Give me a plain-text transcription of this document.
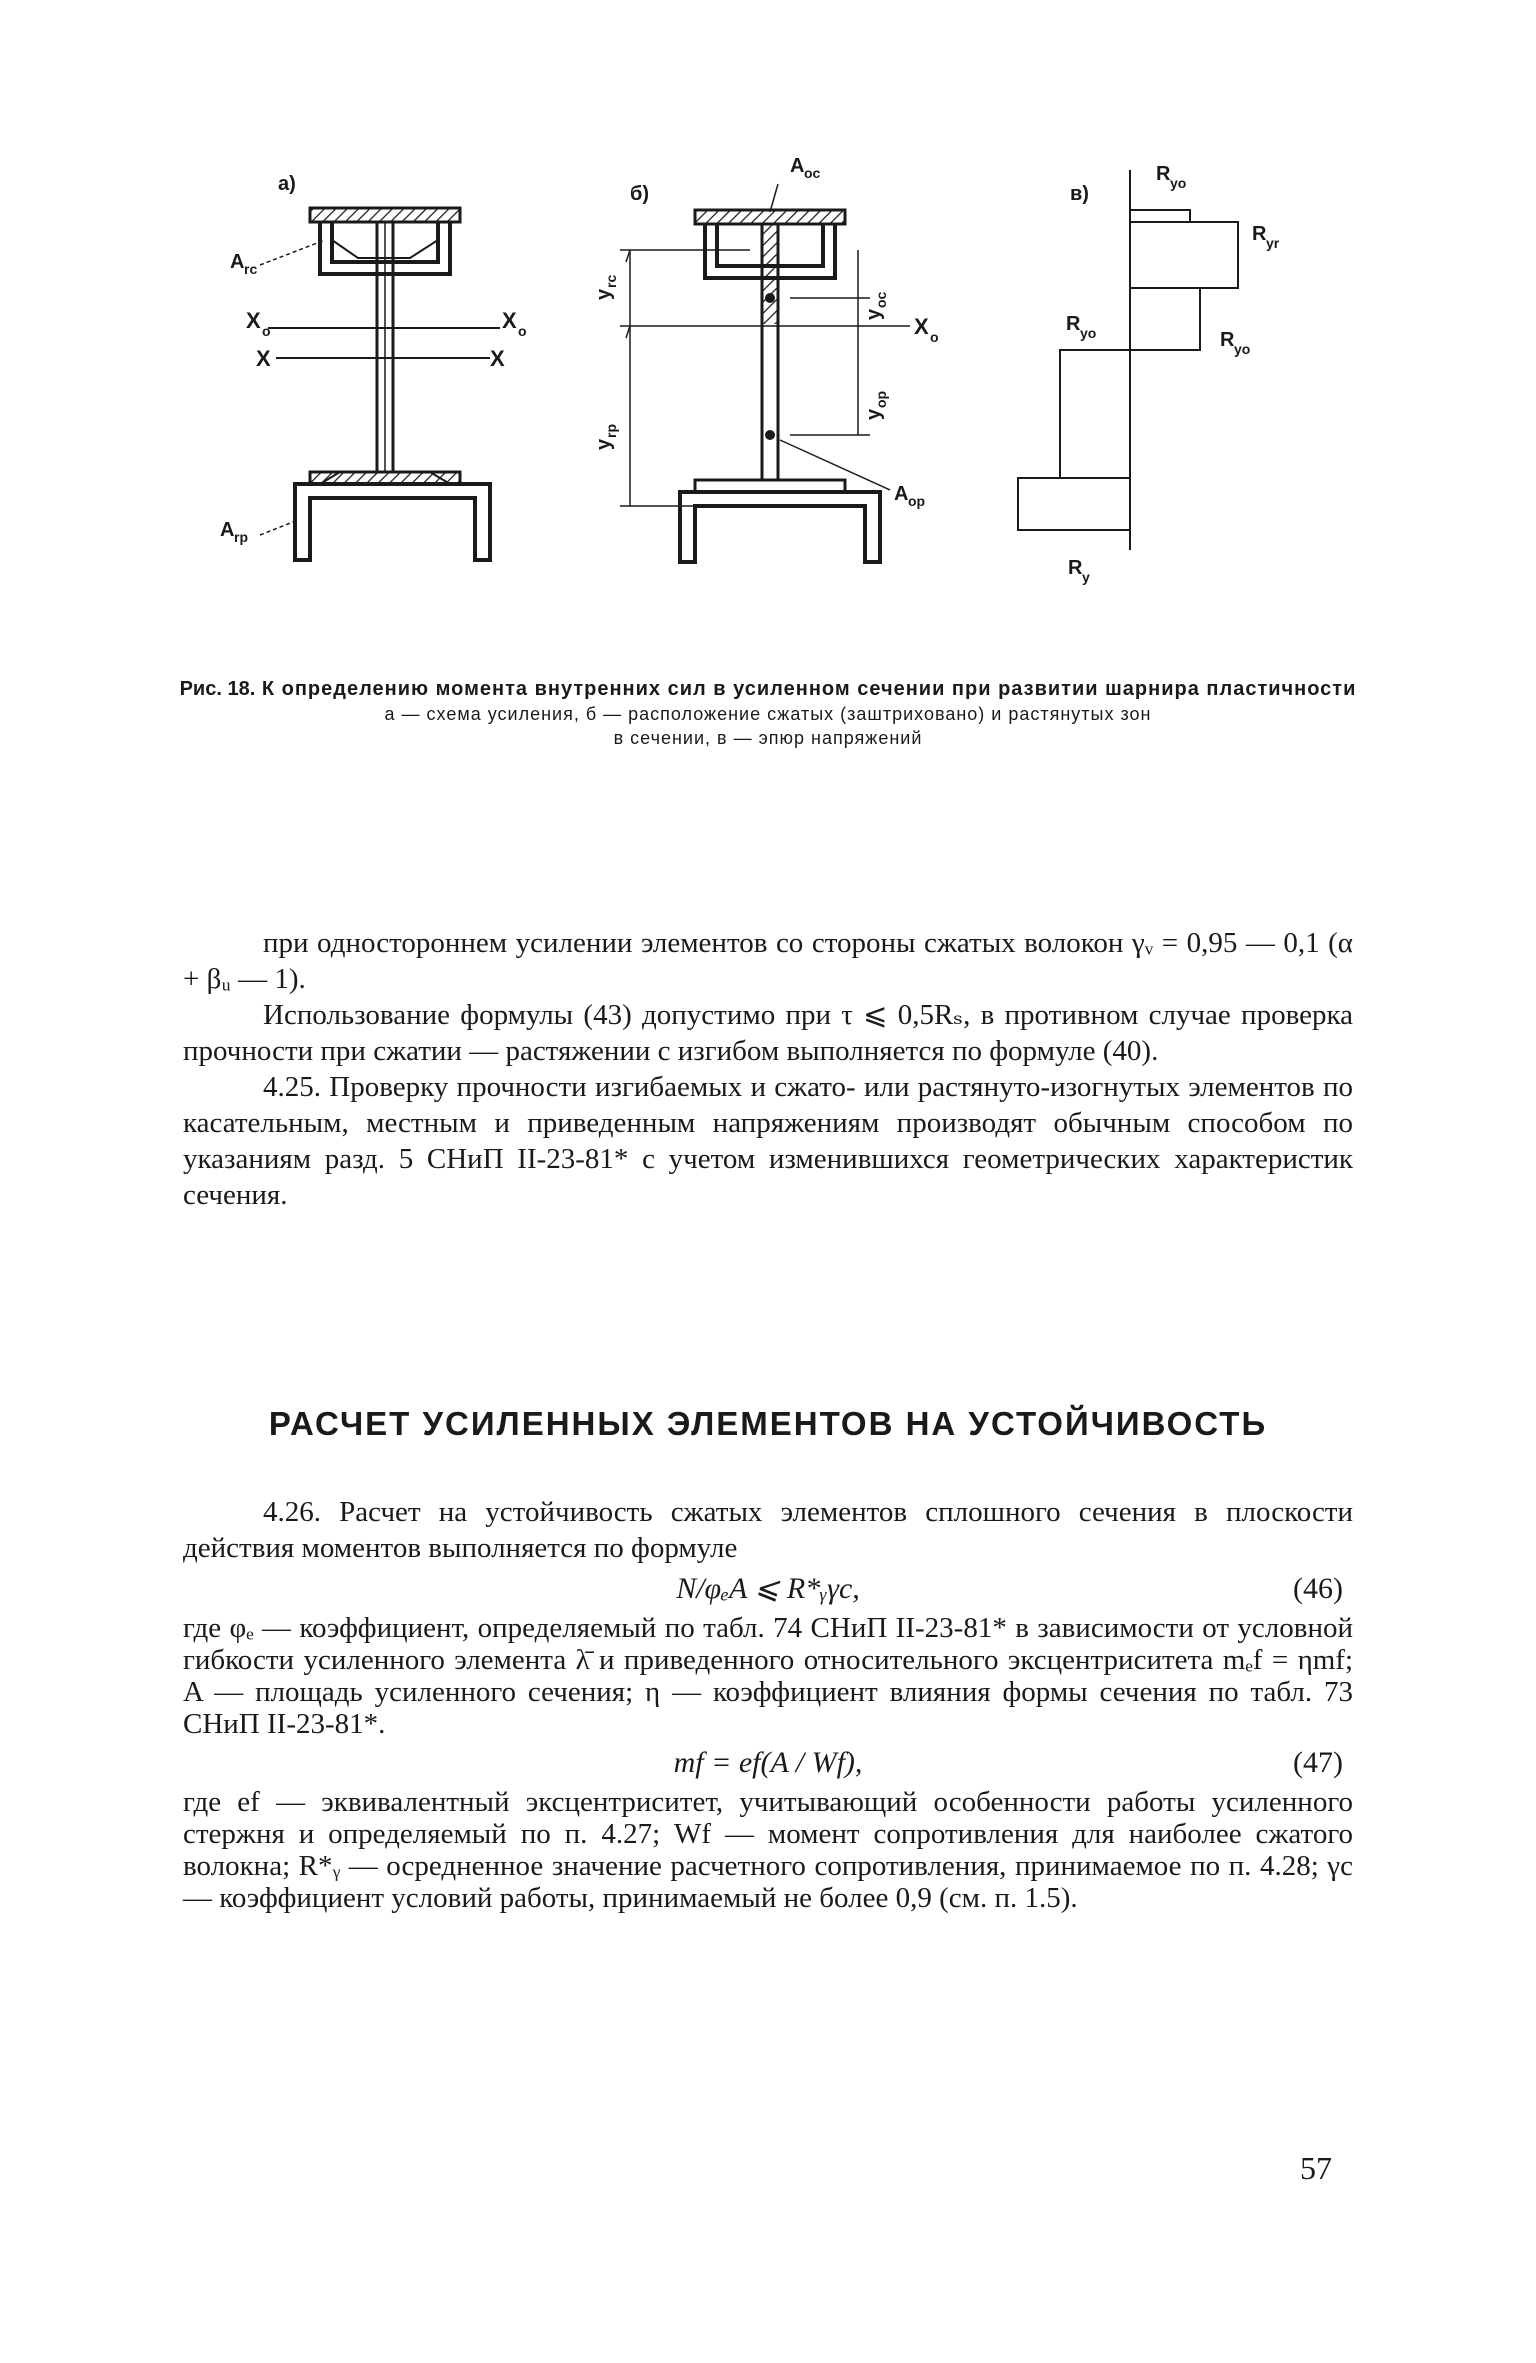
а)
A rc
A rp
X o	X o
X	X
б)
A oc
X o
A op
y
rc
y
rp
y
oc
y
op
в)
R yo
R yr
R yo	R yo
R y
Рис. 18. К определению момента внутренних сил в усиленном сечении при развитии шарнира пластичности
а — схема усиления, б — расположение сжатых (заштриховано) и растянутых зон
в сечении, в — эпюр напряжений

при одностороннем усилении элементов со стороны сжатых волокон γᵥ = 0,95 — 0,1 (α + βᵤ — 1).

Использование формулы (43) допустимо при τ ⩽ 0,5Rₛ, в противном случае проверка прочности при сжатии — растяжении с изгибом выполняется по формуле (40).

4.25. Проверку прочности изгибаемых и сжато- или растянуто-изогнутых элементов по касательным, местным и приведенным напряжениям производят обычным способом по указаниям разд. 5 СНиП II-23-81* с учетом изменившихся геометрических характеристик сечения.

РАСЧЕТ УСИЛЕННЫХ ЭЛЕМЕНТОВ НА УСТОЙЧИВОСТЬ

4.26. Расчет на устойчивость сжатых элементов сплошного сечения в плоскости действия моментов выполняется по формуле

N/φₑA ⩽ R*ᵧγc,	(46)

где φₑ — коэффициент, определяемый по табл. 74 СНиП II-23-81* в зависимости от условной гибкости усиленного элемента λ̄ и приведенного относительного эксцентриситета mₑf = ηmf; A — площадь усиленного сечения; η — коэффициент влияния формы сечения по табл. 73 СНиП II-23-81*.

mf = ef(A / Wf),	(47)

где ef — эквивалентный эксцентриситет, учитывающий особенности работы усиленного стержня и определяемый по п. 4.27; Wf — момент сопротивления для наиболее сжатого волокна; R*ᵧ — осредненное значение расчетного сопротивления, принимаемое по п. 4.28; γc — коэффициент условий работы, принимаемый не более 0,9 (см. п. 1.5).

57
